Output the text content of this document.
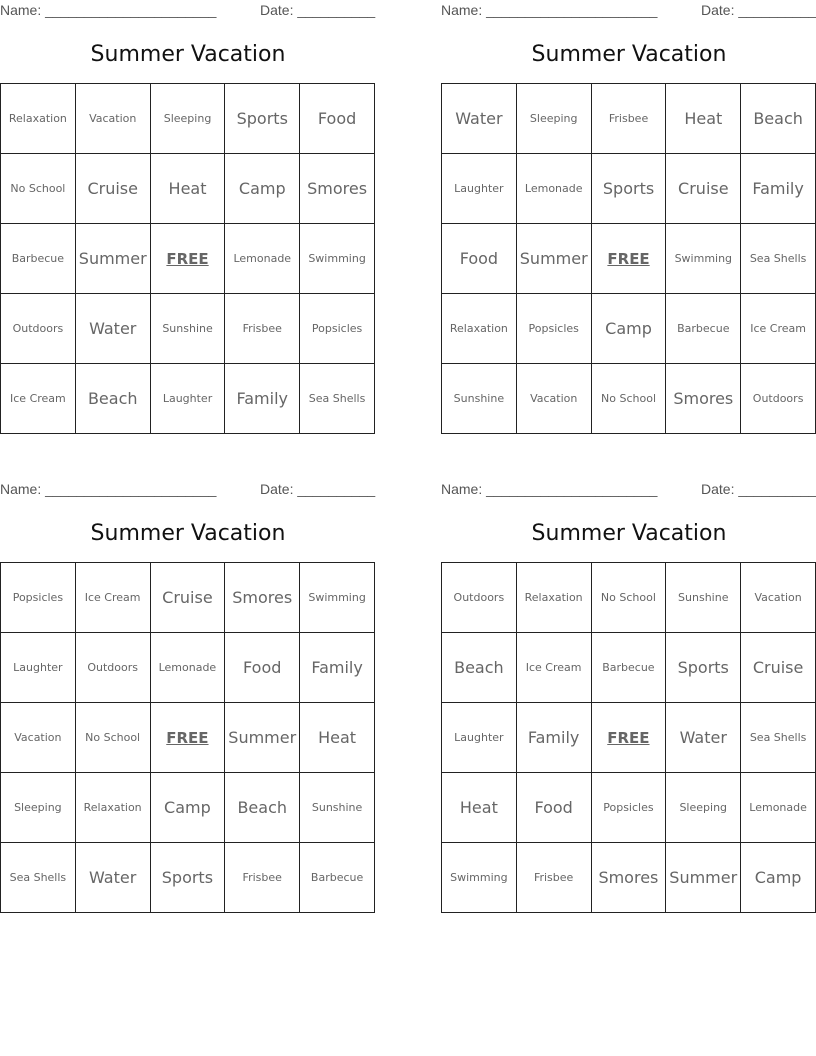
Name: ______________________	Date: __________
Summer Vacation
Relaxation	Vacation	Sleeping	Sports	Food
No School	Cruise	Heat	Camp	Smores
Barbecue	Summer	FREE	Lemonade	Swimming
Outdoors	Water	Sunshine	Frisbee	Popsicles
Ice Cream	Beach	Laughter	Family	Sea Shells
Name: ______________________	Date: __________
Summer Vacation
Water	Sleeping	Frisbee	Heat	Beach
Laughter	Lemonade	Sports	Cruise	Family
Food	Summer	FREE	Swimming	Sea Shells
Relaxation	Popsicles	Camp	Barbecue	Ice Cream
Sunshine	Vacation	No School	Smores	Outdoors
Name: ______________________	Date: __________
Summer Vacation
Popsicles	Ice Cream	Cruise	Smores	Swimming
Laughter	Outdoors	Lemonade	Food	Family
Vacation	No School	FREE	Summer	Heat
Sleeping	Relaxation	Camp	Beach	Sunshine
Sea Shells	Water	Sports	Frisbee	Barbecue
Name: ______________________	Date: __________
Summer Vacation
Outdoors	Relaxation	No School	Sunshine	Vacation
Beach	Ice Cream	Barbecue	Sports	Cruise
Laughter	Family	FREE	Water	Sea Shells
Heat	Food	Popsicles	Sleeping	Lemonade
Swimming	Frisbee	Smores	Summer	Camp
